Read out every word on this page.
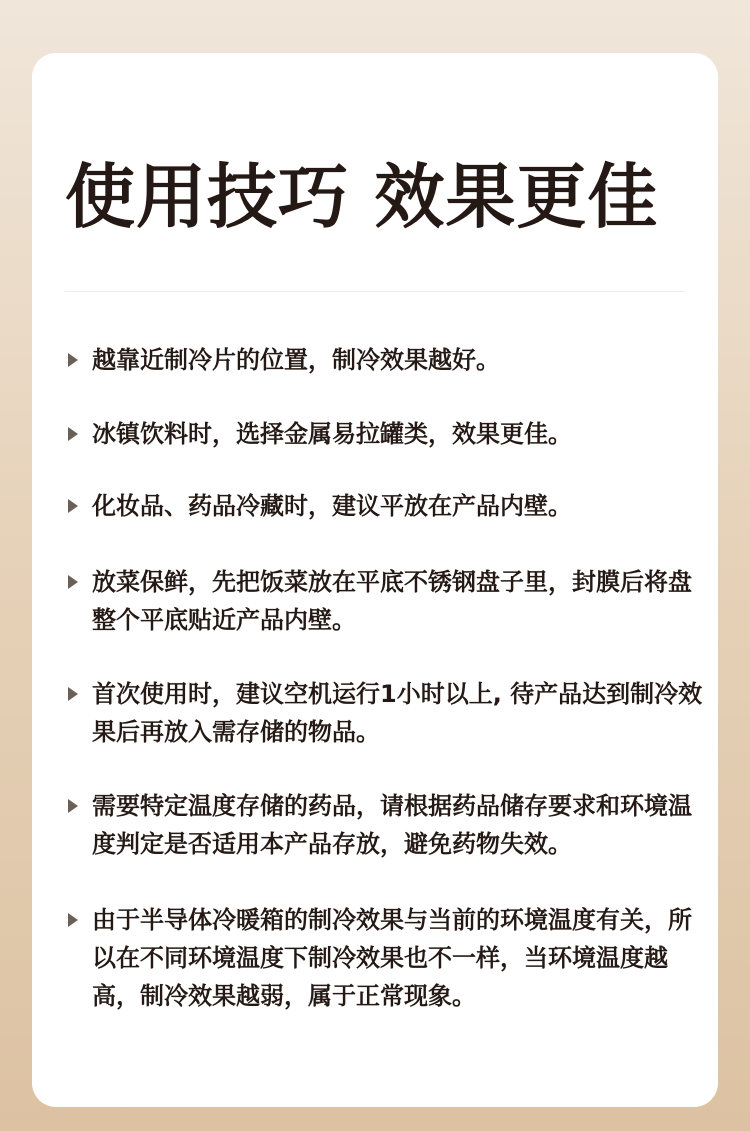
使用技巧 效果更佳
越靠近制冷片的位置，制冷效果越好。
冰镇饮料时，选择金属易拉罐类，效果更佳。
化妆品、药品冷藏时，建议平放在产品内壁。
放菜保鲜，先把饭菜放在平底不锈钢盘子里，封膜后将盘整个平底贴近产品内壁。
首次使用时，建议空机运行1小时以上, 待产品达到制冷效果后再放入需存储的物品。
需要特定温度存储的药品，请根据药品储存要求和环境温度判定是否适用本产品存放，避免药物失效。
由于半导体冷暖箱的制冷效果与当前的环境温度有关，所以在不同环境温度下制冷效果也不一样，当环境温度越高，制冷效果越弱，属于正常现象。
